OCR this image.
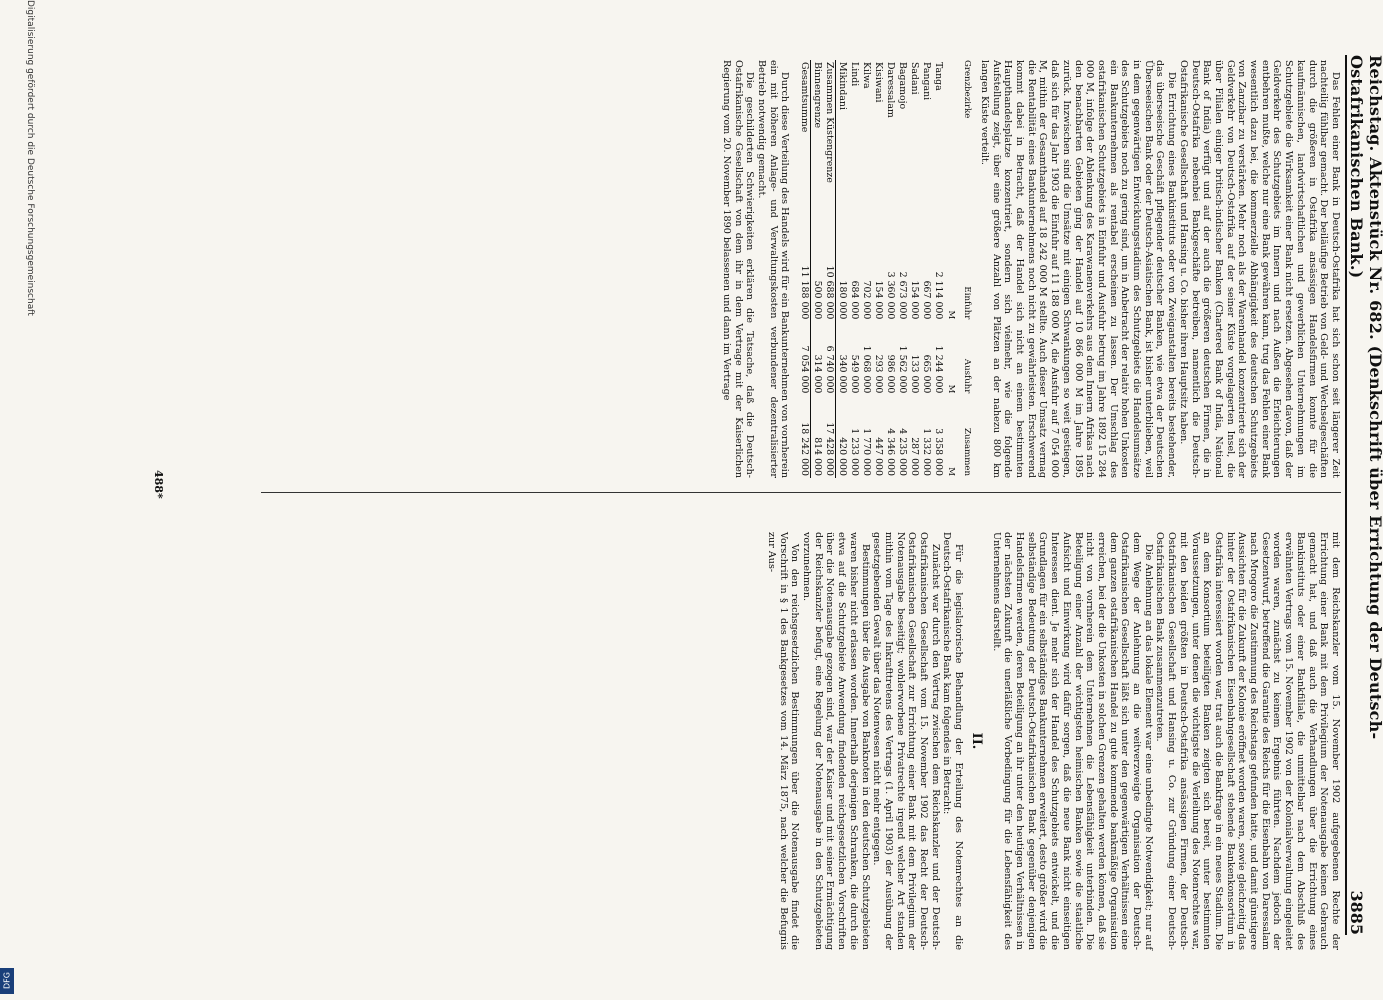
Reichstag. Aktenstück Nr. 682. (Denkschrift über Errichtung der Deutsch-Ostafrikanischen Bank.)
3885

Das Fehlen einer Bank in Deutsch-Ostafrika hat sich schon seit längerer Zeit nachteilig fühlbar gemacht. Der beiläufige Betrieb von Geld- und Wechselgeschäften durch die größeren in Ostafrika ansässigen Handelsfirmen konnte für die kaufmännischen, landwirtschaftlichen und gewerblichen Unternehmungen im Schutzgebiete die Wirksamkeit einer Bank nicht ersetzen. Abgesehen davon, daß der Geldverkehr des Schutzgebiets im Innern und nach Außen die Erleichterungen entbehren mußte, welche nur eine Bank gewähren kann, trug das Fehlen einer Bank wesentlich dazu bei, die kommerzielle Abhängigkeit des deutschen Schutzgebiets von Zanzibar zu verstärken. Mehr noch als der Warenhandel konzentrierte sich der Geldverkehr von Deutsch-Ostafrika auf der seiner Küste vorgelagerten Insel, die über Filialen einiger britisch-indischer Banken (Chartered Bank of India, National Bank of India) verfügt und auf der auch die größeren deutschen Firmen, die in Deutsch-Ostafrika nebenbei Bankgeschäfte betreiben, namentlich die Deutsch-Ostafrikanische Gesellschaft und Hansing u. Co. bisher ihren Hauptsitz haben.

Die Errichtung eines Bankinstituts oder von Zweiganstalten bereits bestehender, das überseeische Geschäft pflegender deutscher Banken, wie etwa der Deutschen Überseeischen Bank oder der Deutsch-Asiatischen Bank, ist bisher unterblieben, weil in dem gegenwärtigen Entwicklungsstadium des Schutzgebiets die Handelsumsätze des Schutzgebiets noch zu gering sind, um in Anbetracht der relativ hohen Unkosten ein Bankunternehmen als rentabel erscheinen zu lassen. Der Umschlag des ostafrikanischen Schutzgebiets in Einfuhr und Ausfuhr betrug im Jahre 1892 15 284 000 M, infolge der Ablenkung des Karawanenverkehrs aus dem Innern Afrikas nach den benachbarten Gebieten ging der Handel auf 10 866 000 M im Jahre 1895 zurück. Inzwischen sind die Umsätze mit einigen Schwankungen so weit gestiegen, daß sich für das Jahr 1903 die Einfuhr auf 11 188 000 M, die Ausfuhr auf 7 054 000 M, mithin der Gesamthandel auf 18 242 000 M stellte. Auch dieser Umsatz vermag die Rentabilität eines Bankunternehmens noch nicht zu gewährleisten. Erschwerend kommt dabei in Betracht, daß der Handel sich nicht an einem bestimmten Haupthandelsplatze konzentriert, sondern sich vielmehr, wie die folgende Aufstellung zeigt, über eine größere Anzahl von Plätzen an der nahezu 800 km langen Küste verteilt.

Grenzbezirke	Einfuhr	Ausfuhr	Zusammen
	M	M	M
Tanga	2 114 000	1 244 000	3 358 000
Pangani	667 000	665 000	1 332 000
Sadani	154 000	133 000	287 000
Bagamojo	2 673 000	1 562 000	4 235 000
Daressalam	3 360 000	986 000	4 346 000
Kisiwani	154 000	293 000	447 000
Kilwa	702 000	1 068 000	1 770 000
Lindi	684 000	549 000	1 233 000
Mikindani	180 000	340 000	420 000
Zusammen Küstengrenze	10 688 000	6 740 000	17 428 000
Binnengrenze	500 000	314 000	814 000
Gesamtsumme	11 188 000	7 054 000	18 242 000

Durch diese Verteilung des Handels wird für ein Bankunternehmen von vornherein ein mit höheren Anlage- und Verwaltungskosten verbundener dezentralisierter Betrieb notwendig gemacht.

Die geschilderten Schwierigkeiten erklären die Tatsache, daß die Deutsch-Ostafrikanische Gesellschaft von dem ihr in dem Vertrage mit der Kaiserlichen Regierung vom 20. November 1890 belassenen und dann im Vertrage

mit dem Reichskanzler vom 15. November 1902 aufgegebenen Rechte der Errichtung einer Bank mit dem Privilegium der Notenausgabe keinen Gebrauch gemacht hat, und daß auch die Verhandlungen über die Errichtung eines Bankinstituts oder einer Bankfiliale, die unmittelbar nach dem Abschluß des erwähnten Vertrags vom 15. November 1902 von der Kolonialverwaltung eingeleitet worden waren, zunächst zu keinem Ergebnis führten. Nachdem jedoch der Gesetzentwurf, betreffend die Garantie des Reichs für die Eisenbahn von Daressalam nach Mrogoro die Zustimmung des Reichstags gefunden hatte, und damit günstigere Aussichten für die Zukunft der Kolonie eröffnet worden waren, sowie gleichzeitig das hinter der Ostafrikanischen Eisenbahngesellschaft stehende Bankenkonsortium in Ostafrika interessiert worden war, trat auch die Bankfrage in ein neues Stadium. Die an dem Konsortium beteiligten Banken zeigten sich bereit, unter bestimmten Voraussetzungen, unter denen die wichtigste die Verleihung des Notenrechtes war, mit den beiden größten in Deutsch-Ostafrika ansässigen Firmen, der Deutsch-Ostafrikanischen Gesellschaft und Hansing u. Co. zur Gründung einer Deutsch-Ostafrikanischen Bank zusammenzutreten.

Die Anlehnung an das lokale Element war eine unbedingte Notwendigkeit; nur auf dem Wege der Anlehnung an die weitverzweigte Organisation der Deutsch-Ostafrikanischen Gesellschaft läßt sich unter den gegenwärtigen Verhältnissen eine dem ganzen ostafrikanischen Handel zu gute kommende bankmäßige Organisation erreichen, bei der die Unkosten in solchen Grenzen gehalten werden können, daß sie nicht von vornherein dem Unternehmen die Lebensfähigkeit unterbinden. Die Beteiligung einer Anzahl der wichtigsten heimischen Banken sowie die staatliche Aufsicht und Einwirkung wird dafür sorgen, daß die neue Bank nicht einseitigen Interessen dient. Je mehr sich der Handel des Schutzgebiets entwickelt, und die Grundlagen für ein selbständiges Bankunternehmen erweitert, desto größer wird die selbständige Bedeutung der Deutsch-Ostafrikanischen Bank gegenüber denjenigen Handelsfirmen werden, deren Beteiligung an ihr unter den heutigen Verhältnissen in der nächsten Zukunft die unerläßliche Vorbedingung für die Lebensfähigkeit des Unternehmens darstellt.

II.

Für die legislatorische Behandlung der Erteilung des Notenrechtes an die Deutsch-Ostafrikanische Bank kam folgendes in Betracht:

Zunächst war durch den Vertrag zwischen dem Reichskanzler und der Deutsch-Ostafrikanischen Gesellschaft vom 15. November 1902 das Recht der Deutsch-Ostafrikanischen Gesellschaft zur Errichtung einer Bank mit dem Privilegium der Notenausgabe beseitigt; wohlerworbene Privatrechte irgend welcher Art standen mithin vom Tage des Inkrafttretens des Vertrags (1. April 1903) der Ausübung der gesetzgebenden Gewalt über das Notenwesen nicht mehr entgegen.

Bestimmungen über die Ausgabe von Banknoten in den deutschen Schutzgebieten waren bisher nicht erlassen worden. Innerhalb derjenigen Schranken, die durch die etwa auf die Schutzgebiete Anwendung findenden reichsgesetzlichen Vorschriften über die Notenausgabe gezogen sind, war der Kaiser und mit seiner Ermächtigung der Reichskanzler befugt, eine Regelung der Notenausgabe in den Schutzgebieten vorzunehmen.

Von den reichsgesetzlichen Bestimmungen über die Notenausgabe findet die Vorschrift in § 1 des Bankgesetzes vom 14. März 1875, nach welcher die Befugnis zur Aus-

488*
Digitalisierung gefördert durch die Deutsche Forschungsgemeinschaft
DFG
